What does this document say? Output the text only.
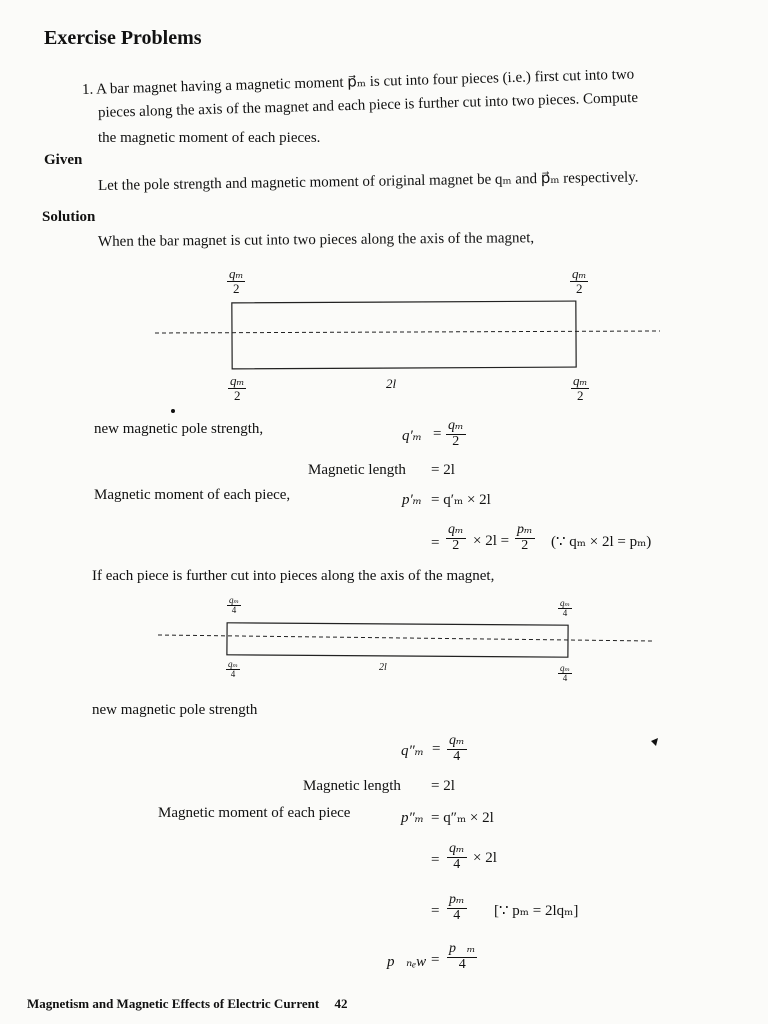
Exercise Problems
1. A bar magnet having a magnetic moment p⃗ₘ is cut into four pieces (i.e.) first cut into two
pieces along the axis of the magnet and each piece is further cut into two pieces. Compute
the magnetic moment of each pieces.
Given
Let the pole strength and magnetic moment of original magnet be qₘ and p⃗ₘ respectively.
Solution
When the bar magnet is cut into two pieces along the axis of the magnet,
$\frac{\text{qₘ}}{2}$	$\frac{\text{qₘ}}{2}$
$\frac{\text{qₘ}}{2}$	$\frac{\text{qₘ}}{2}$
2l
new magnetic pole strength,	$q'_m = \frac{\text{qₘ}}{2}$
Magnetic length = 2l
Magnetic moment of each piece,	p′ₘ = q′ₘ × 2l
= $\frac{\text{qₘ}}{2} \times 2l = \frac{\text{pₘ}}{2}$ (∵ qₘ × 2l = pₘ)
If each piece is further cut into pieces along the axis of the magnet,
$\frac{\text{qₘ}}{4}$	$\frac{\text{qₘ}}{4}$
$\frac{\text{qₘ}}{4}$	$\frac{\text{qₘ}}{4}$
2l
new magnetic pole strength
$q''_m = \frac{\text{qₘ}}{4}$
Magnetic length = 2l
Magnetic moment of each piece	p″ₘ = q″ₘ × 2l
= $\frac{\text{qₘ}}{4} \times 2l$
= $\frac{\text{pₘ}}{4}$ [∵ pₘ = 2lqₘ]
p⃗ₙₑw = $\frac{\text{p⃗ₘ}}{4}$
Magnetism and Magnetic Effects of Electric Current 42
